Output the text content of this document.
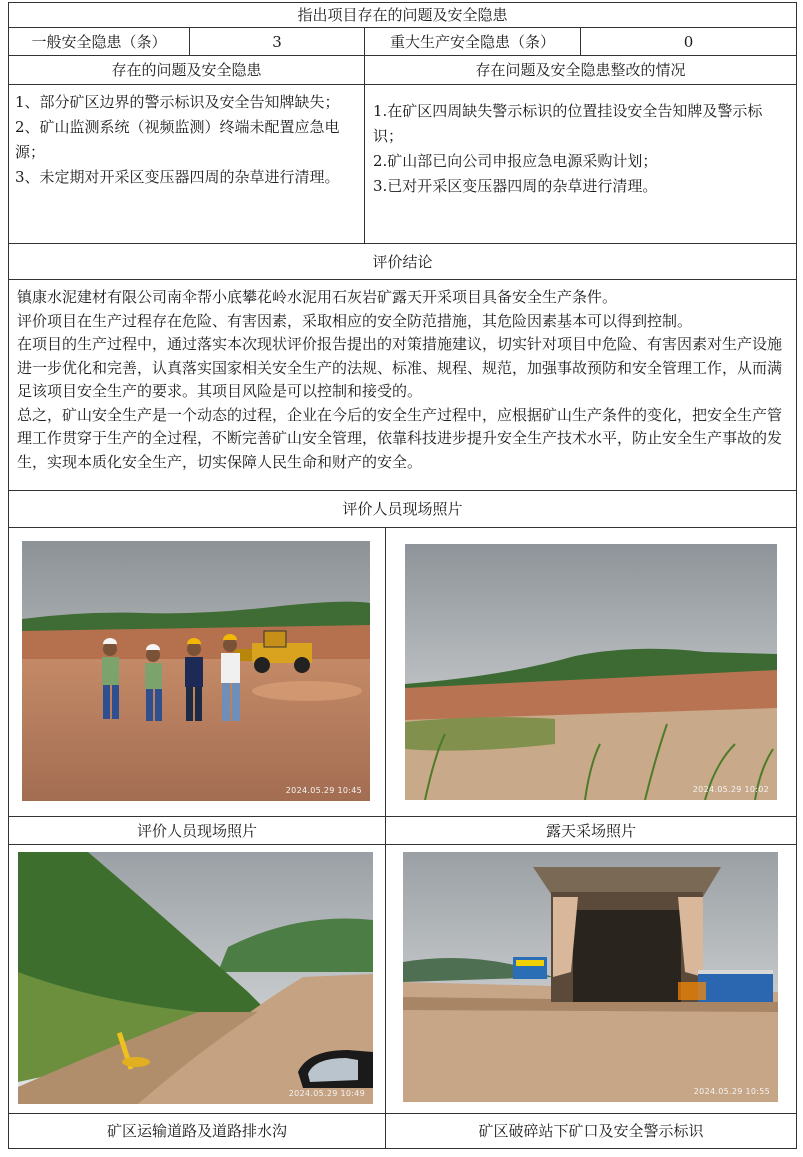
指出项目存在的问题及安全隐患
一般安全隐患（条）	3	重大生产安全隐患（条）	0
存在的问题及安全隐患	存在问题及安全隐患整改的情况
1、部分矿区边界的警示标识及安全告知牌缺失；
2、矿山监测系统（视频监测）终端未配置应急电源；
3、未定期对开采区变压器四周的杂草进行清理。
1.在矿区四周缺失警示标识的位置挂设安全告知牌及警示标识；
2.矿山部已向公司申报应急电源采购计划；
3.已对开采区变压器四周的杂草进行清理。
评价结论

镇康水泥建材有限公司南伞帮小底攀花岭水泥用石灰岩矿露天开采项目具备安全生产条件。

评价项目在生产过程存在危险、有害因素，采取相应的安全防范措施，其危险因素基本可以得到控制。

在项目的生产过程中，通过落实本次现状评价报告提出的对策措施建议，切实针对项目中危险、有害因素对生产设施进一步优化和完善，认真落实国家相关安全生产的法规、标准、规程、规范，加强事故预防和安全管理工作，从而满足该项目安全生产的要求。其项目风险是可以控制和接受的。

总之，矿山安全生产是一个动态的过程，企业在今后的安全生产过程中，应根据矿山生产条件的变化，把安全生产管理工作贯穿于生产的全过程，不断完善矿山安全管理，依靠科技进步提升安全生产技术水平，防止安全生产事故的发生，实现本质化安全生产，切实保障人民生命和财产的安全。

评价人员现场照片
评价人员现场照片	露天采场照片
矿区运输道路及道路排水沟	矿区破碎站下矿口及安全警示标识
2024.05.29 10:45	2024.05.29 10:02
2024.05.29 10:49	2024.05.29 10:55
